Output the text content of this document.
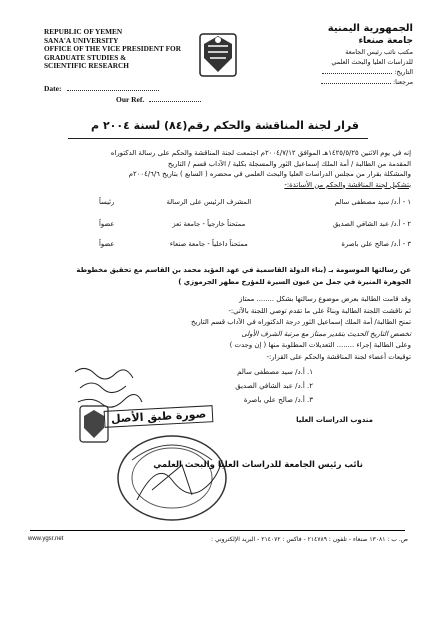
REPUBLIC OF YEMEN
SANA'A UNIVERSITY
OFFICE OF THE VICE PRESIDENT FOR
GRADUATE STUDIES &
SCIENTIFIC RESEARCH
Date:
Our Ref.
الجمهورية اليمنية
جامعة صنعاء
مكتب نائب رئيس الجامعة
للدراسات العليا والبحث العلمي
التاريخ:
مرجعنا:
قرار لجنة المناقشة والحكم رقم(٨٤) لسنة ٢٠٠٤ م
إنه في يوم الاثنين ١٤٢٥/٥/٢٥هـ الموافق ٢٠٠٤/٧/١٢م اجتمعت لجنة المناقشة والحكم على رسالة الدكتوراه
المقدمة من الطالبة / أمة الملك إسماعيل الثور والمسجلة بكلية / الآداب قسم / التاريخ
والمشكلة بقرار من مجلس الدراسات العليا والبحث العلمي في محضره ( السابع ) بتاريخ ٢٠٠٤/٦/٦م
بتشكيل لجنة المناقشة والحكم من الأساتذة:-
١ - أ.د/ سيد مصطفى سالم المشرف الرئيس على الرسالة رئيساً
٢ - أ.د/ عبد الشافي الصديق ممتحناً خارجياً - جامعة تعز عضواً
٣ - أ.د/ صالح علي باصرة ممتحناً داخلياً - جامعة صنعاء عضواً
عن رسالتها الموسومة بـ (بناء الدولة القاسمية في عهد المؤيد محمد بن القاسم مع تحقيق مخطوطة
الجوهرة المنيرة في جمل من عيون السيرة للمؤرخ مطهر الجرموزي )
وقد قامت الطالبة بعرض موضوع رسالتها بشكل ........ ممتاز
ثم ناقشت اللجنة الطالبة وبناءً على ما تقدم توصي اللجنة بالآتي:-
تمنح الطالبة/ أمة الملك إسماعيل الثور درجة الدكتوراه في الآداب قسم التاريخ
تخصص التاريخ الحديث بتقدير ممتاز مع مرتبة الشرف الأولى
وعلى الطالبة إجراء ........ التعديلات المطلوبة منها ( إن وجدت )
توقيعات أعضاء لجنة المناقشة والحكم على القرار:-
١. أ.د/ سيد مصطفى سالم
٢. أ.د/ عبد الشافي الصديق
٣. أ.د/ صالح علي باصرة
مندوب الدراسات العليا
صورة طبق الأصل
نائب رئيس الجامعة للدراسات العليا والبحث العلمي
www.ygsr.net	ص. ب : ١٣٠٨١ صنعاء - تلفون : ٢١٤٧٨٩ - فاكس : ٢١٤٠٧٢ - البريد الإلكتروني :
